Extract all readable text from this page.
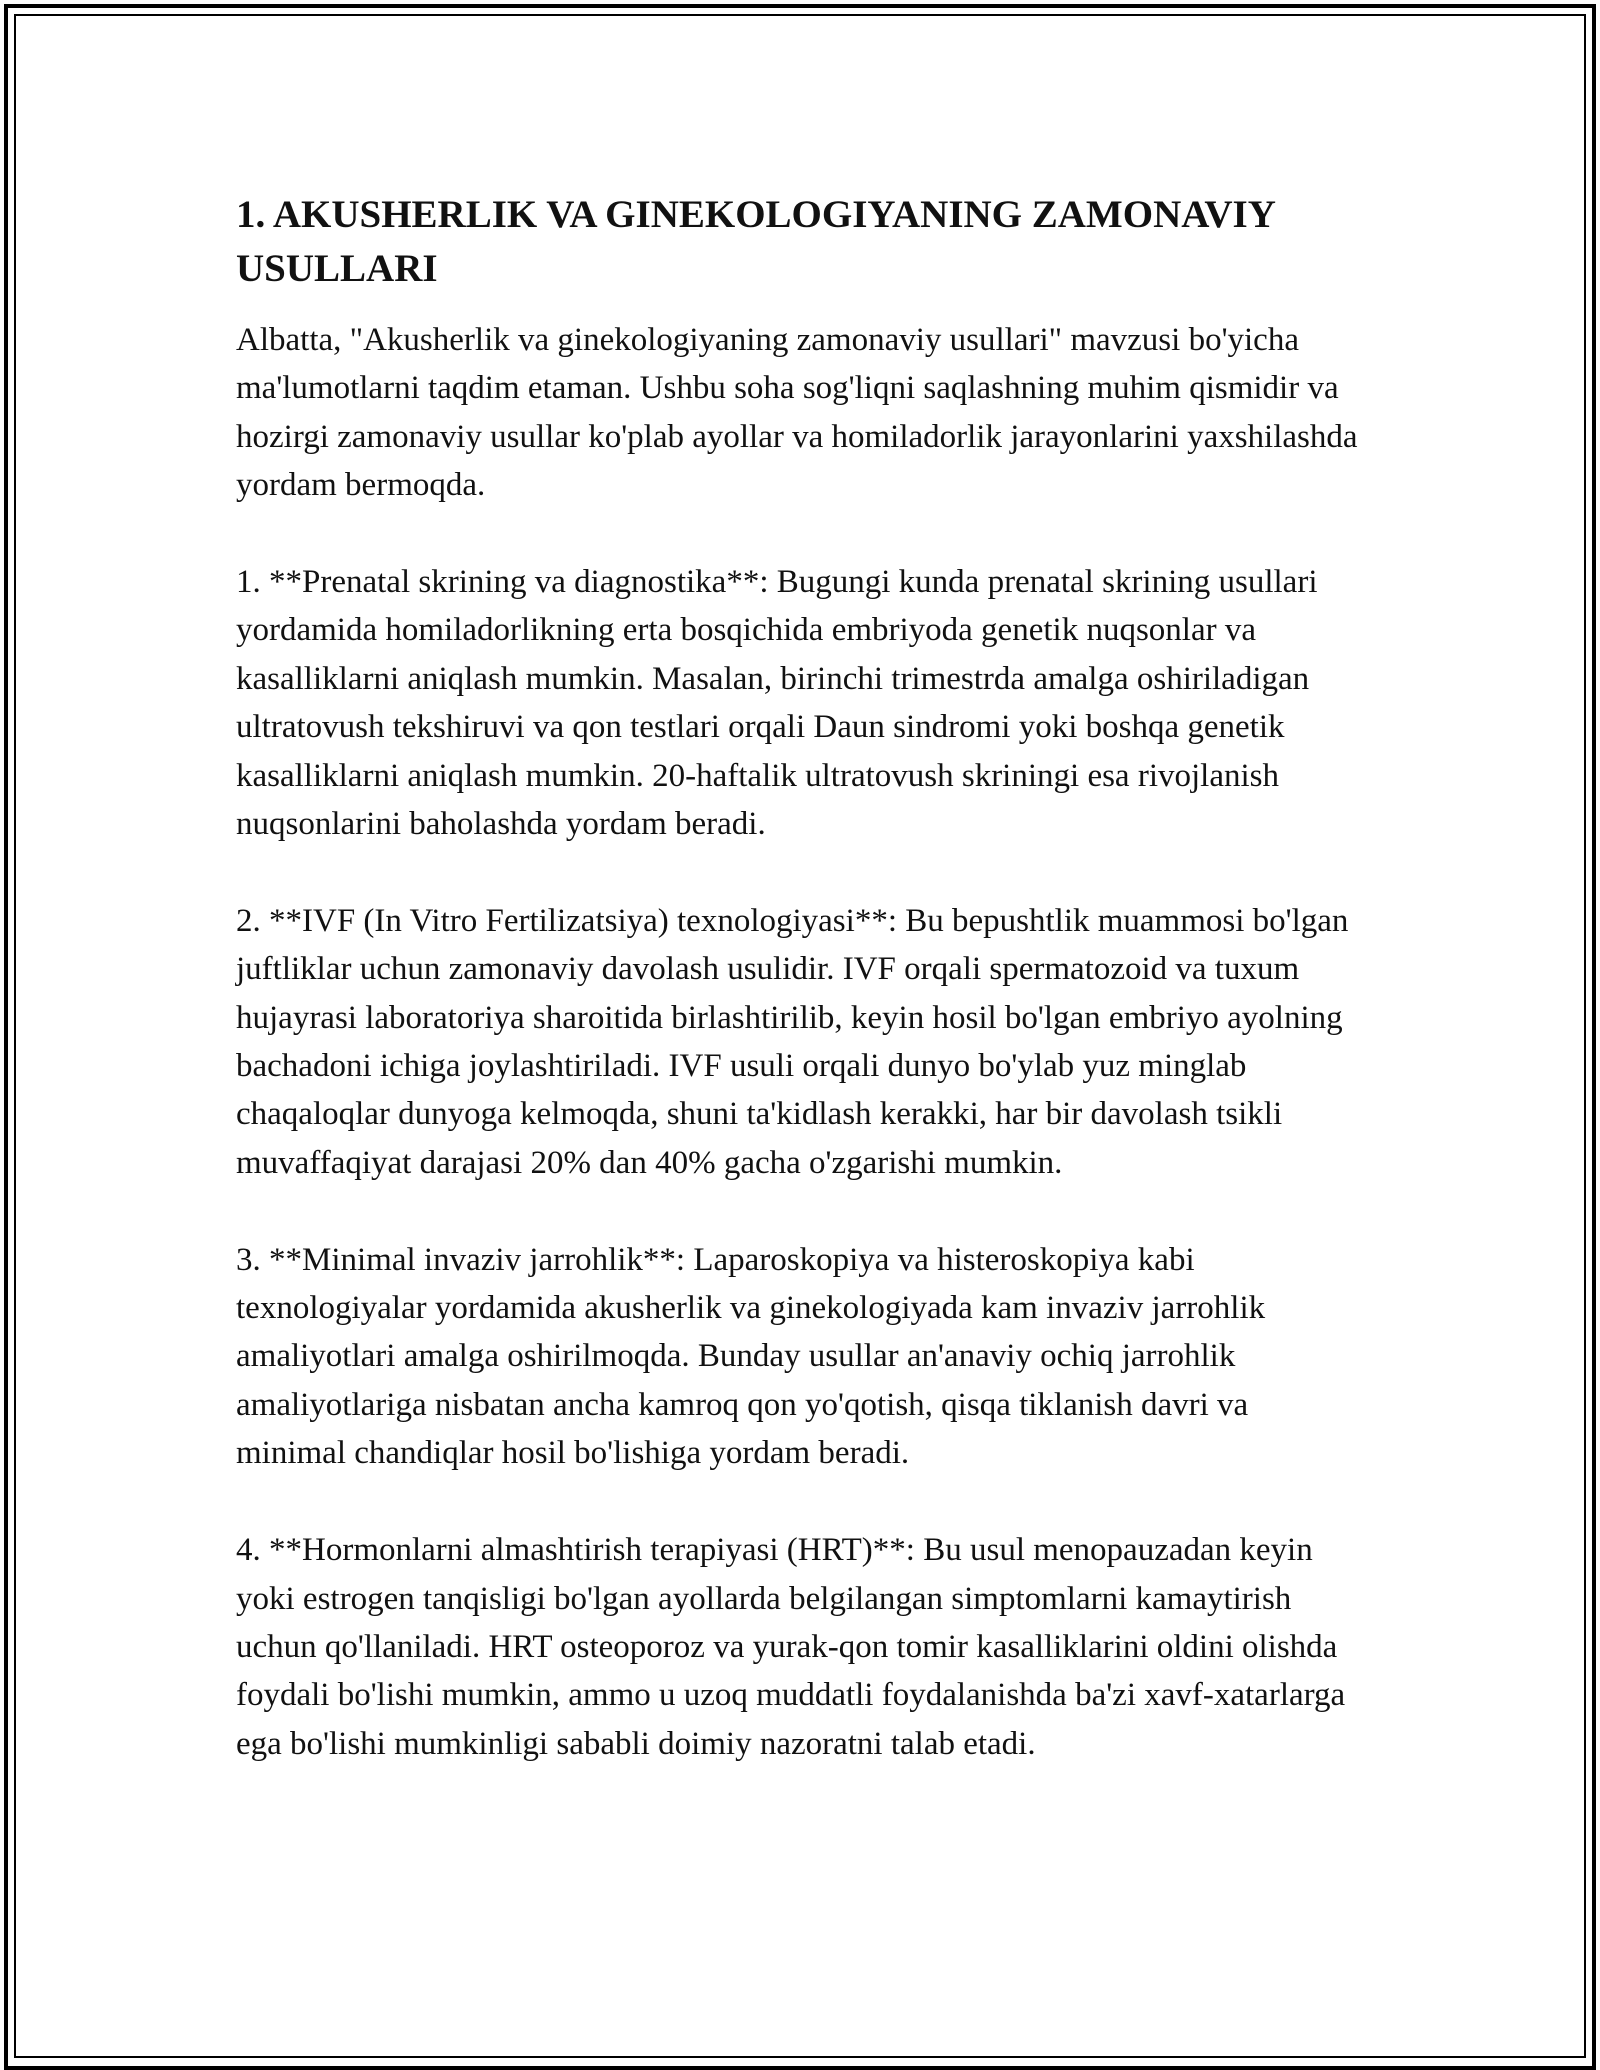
1. AKUSHERLIK VA GINEKOLOGIYANING ZAMONAVIY USULLARI

Albatta, "Akusherlik va ginekologiyaning zamonaviy usullari" mavzusi bo'yicha ma'lumotlarni taqdim etaman. Ushbu soha sog'liqni saqlashning muhim qismidir va hozirgi zamonaviy usullar ko'plab ayollar va homiladorlik jarayonlarini yaxshilashda yordam bermoqda.

1. **Prenatal skrining va diagnostika**: Bugungi kunda prenatal skrining usullari yordamida homiladorlikning erta bosqichida embriyoda genetik nuqsonlar va kasalliklarni aniqlash mumkin. Masalan, birinchi trimestrda amalga oshiriladigan ultratovush tekshiruvi va qon testlari orqali Daun sindromi yoki boshqa genetik kasalliklarni aniqlash mumkin. 20-haftalik ultratovush skriningi esa rivojlanish nuqsonlarini baholashda yordam beradi.

2. **IVF (In Vitro Fertilizatsiya) texnologiyasi**: Bu bepushtlik muammosi bo'lgan juftliklar uchun zamonaviy davolash usulidir. IVF orqali spermatozoid va tuxum hujayrasi laboratoriya sharoitida birlashtirilib, keyin hosil bo'lgan embriyo ayolning bachadoni ichiga joylashtiriladi. IVF usuli orqali dunyo bo'ylab yuz minglab chaqaloqlar dunyoga kelmoqda, shuni ta'kidlash kerakki, har bir davolash tsikli muvaffaqiyat darajasi 20% dan 40% gacha o'zgarishi mumkin.

3. **Minimal invaziv jarrohlik**: Laparoskopiya va histeroskopiya kabi texnologiyalar yordamida akusherlik va ginekologiyada kam invaziv jarrohlik amaliyotlari amalga oshirilmoqda. Bunday usullar an'anaviy ochiq jarrohlik amaliyotlariga nisbatan ancha kamroq qon yo'qotish, qisqa tiklanish davri va minimal chandiqlar hosil bo'lishiga yordam beradi.

4. **Hormonlarni almashtirish terapiyasi (HRT)**: Bu usul menopauzadan keyin yoki estrogen tanqisligi bo'lgan ayollarda belgilangan simptomlarni kamaytirish uchun qo'llaniladi. HRT osteoporoz va yurak-qon tomir kasalliklarini oldini olishda foydali bo'lishi mumkin, ammo u uzoq muddatli foydalanishda ba'zi xavf-xatarlarga ega bo'lishi mumkinligi sababli doimiy nazoratni talab etadi.
